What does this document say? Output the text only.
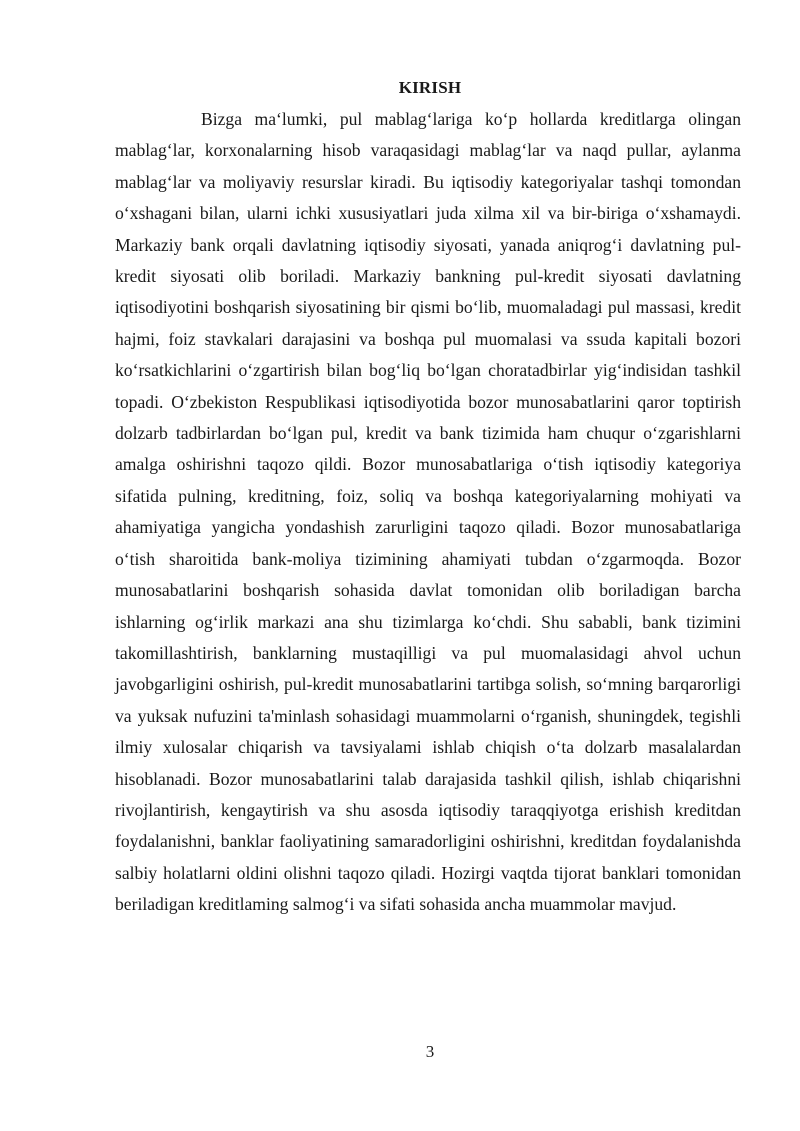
KIRISH

Bizga maʻlumki, pul mablagʻlariga koʻp hollarda kreditlarga olingan mablagʻlar, korxonalarning hisob varaqasidagi mablagʻlar va naqd pullar, aylanma mablagʻlar va moliyaviy resurslar kiradi. Bu iqtisodiy kategoriyalar tashqi tomondan oʻxshagani bilan, ularni ichki xususiyatlari juda xilma xil va bir-biriga oʻxshamaydi. Markaziy bank orqali davlatning iqtisodiy siyosati, yanada aniqrogʻi davlatning pul-kredit siyosati olib boriladi. Markaziy bankning pul-kredit siyosati davlatning iqtisodiyotini boshqarish siyosatining bir qismi boʻlib, muomaladagi pul massasi, kredit hajmi, foiz stavkalari darajasini va boshqa pul muomalasi va ssuda kapitali bozori koʻrsatkichlarini oʻzgartirish bilan bogʻliq boʻlgan choratadbirlar yigʻindisidan tashkil topadi. Oʻzbekiston Respublikasi iqtisodiyotida bozor munosabatlarini qaror toptirish dolzarb tadbirlardan boʻlgan pul, kredit va bank tizimida ham chuqur oʻzgarishlarni amalga oshirishni taqozo qildi. Bozor munosabatlariga oʻtish iqtisodiy kategoriya sifatida pulning, kreditning, foiz, soliq va boshqa kategoriyalarning mohiyati va ahamiyatiga yangicha yondashish zarurligini taqozo qiladi. Bozor munosabatlariga oʻtish sharoitida bank-moliya tizimining ahamiyati tubdan oʻzgarmoqda. Bozor munosabatlarini boshqarish sohasida davlat tomonidan olib boriladigan barcha ishlarning ogʻirlik markazi ana shu tizimlarga koʻchdi. Shu sababli, bank tizimini takomillashtirish, banklarning mustaqilligi va pul muomalasidagi ahvol uchun javobgarligini oshirish, pul-kredit munosabatlarini tartibga solish, soʻmning barqarorligi va yuksak nufuzini ta'minlash sohasidagi muammolarni oʻrganish, shuningdek, tegishli ilmiy xulosalar chiqarish va tavsiyalami ishlab chiqish oʻta dolzarb masalalardan hisoblanadi. Bozor munosabatlarini talab darajasida tashkil qilish, ishlab chiqarishni rivojlantirish, kengaytirish va shu asosda iqtisodiy taraqqiyotga erishish kreditdan foydalanishni, banklar faoliyatining samaradorligini oshirishni, kreditdan foydalanishda salbiy holatlarni oldini olishni taqozo qiladi. Hozirgi vaqtda tijorat banklari tomonidan beriladigan kreditlaming salmogʻi va sifati sohasida ancha muammolar mavjud.

3
